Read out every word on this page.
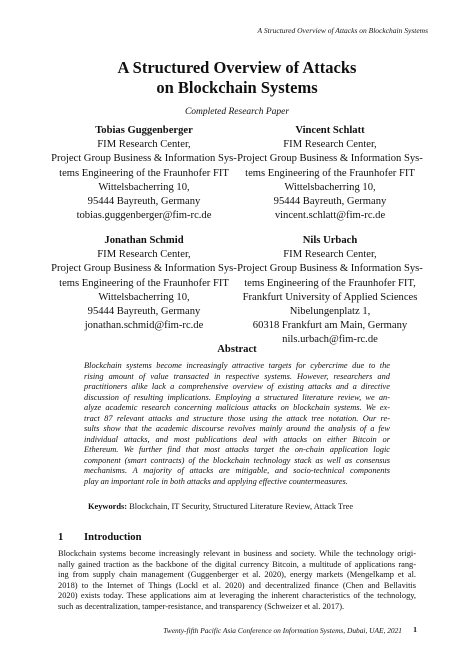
A Structured Overview of Attacks on Blockchain Systems
A Structured Overview of Attacks
on Blockchain Systems
Completed Research Paper
Tobias Guggenberger
FIM Research Center,
Project Group Business & Information Sys-
tems Engineering of the Fraunhofer FIT
Wittelsbacherring 10,
95444 Bayreuth, Germany
tobias.guggenberger@fim-rc.de
Vincent Schlatt
FIM Research Center,
Project Group Business & Information Sys-
tems Engineering of the Fraunhofer FIT
Wittelsbacherring 10,
95444 Bayreuth, Germany
vincent.schlatt@fim-rc.de
Jonathan Schmid
FIM Research Center,
Project Group Business & Information Sys-
tems Engineering of the Fraunhofer FIT
Wittelsbacherring 10,
95444 Bayreuth, Germany
jonathan.schmid@fim-rc.de
Nils Urbach
FIM Research Center,
Project Group Business & Information Sys-
tems Engineering of the Fraunhofer FIT,
Frankfurt University of Applied Sciences
Nibelungenplatz 1,
60318 Frankfurt am Main, Germany
nils.urbach@fim-rc.de
Abstract
Blockchain systems become increasingly attractive targets for cybercrime due to the
rising amount of value transacted in respective systems. However, researchers and
practitioners alike lack a comprehensive overview of existing attacks and a directive
discussion of resulting implications. Employing a structured literature review, we an-
alyze academic research concerning malicious attacks on blockchain systems. We ex-
tract 87 relevant attacks and structure those using the attack tree notation. Our re-
sults show that the academic discourse revolves mainly around the analysis of a few
individual attacks, and most publications deal with attacks on either Bitcoin or
Ethereum. We further find that most attacks target the on-chain application logic
component (smart contracts) of the blockchain technology stack as well as consensus
mechanisms. A majority of attacks are mitigable, and socio-technical components
play an important role in both attacks and applying effective countermeasures.
Keywords: Blockchain, IT Security, Structured Literature Review, Attack Tree
1 Introduction
Blockchain systems become increasingly relevant in business and society. While the technology origi-
nally gained traction as the backbone of the digital currency Bitcoin, a multitude of applications rang-
ing from supply chain management (Guggenberger et al. 2020), energy markets (Mengelkamp et al.
2018) to the Internet of Things (Lockl et al. 2020) and decentralized finance (Chen and Bellavitis
2020) exists today. These applications aim at leveraging the inherent characteristics of the technology,
such as decentralization, tamper-resistance, and transparency (Schweizer et al. 2017).
Twenty-fifth Pacific Asia Conference on Information Systems, Dubai, UAE, 2021 1
